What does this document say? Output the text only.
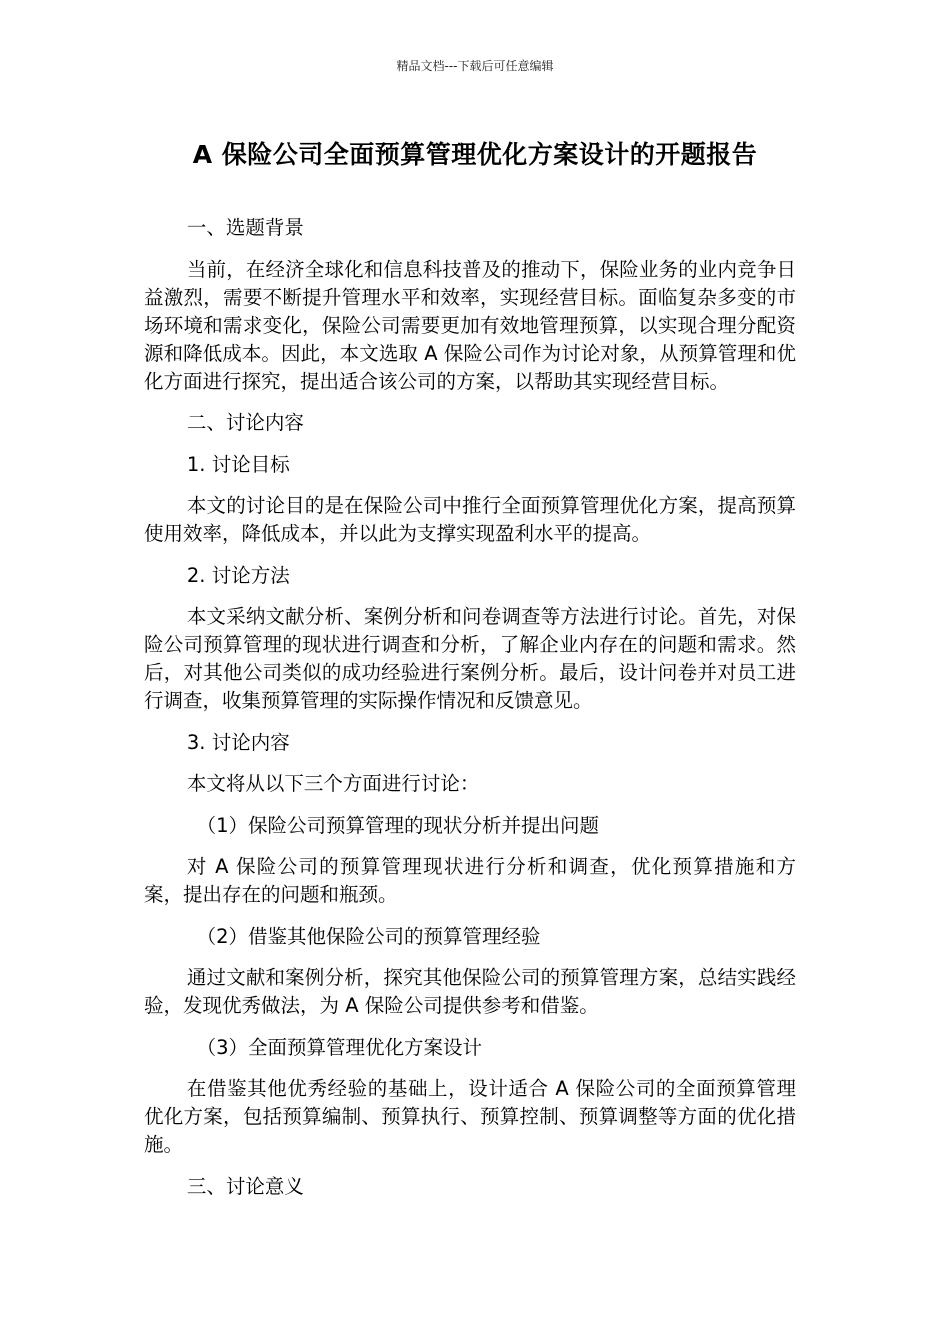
精品文档---下载后可任意编辑
A 保险公司全面预算管理优化方案设计的开题报告

一、选题背景

当前，在经济全球化和信息科技普及的推动下，保险业务的业内竞争日益激烈，需要不断提升管理水平和效率，实现经营目标。面临复杂多变的市场环境和需求变化，保险公司需要更加有效地管理预算，以实现合理分配资源和降低成本。因此，本文选取 A 保险公司作为讨论对象，从预算管理和优化方面进行探究，提出适合该公司的方案，以帮助其实现经营目标。

二、讨论内容

1. 讨论目标

本文的讨论目的是在保险公司中推行全面预算管理优化方案，提高预算使用效率，降低成本，并以此为支撑实现盈利水平的提高。

2. 讨论方法

本文采纳文献分析、案例分析和问卷调查等方法进行讨论。首先，对保险公司预算管理的现状进行调查和分析，了解企业内存在的问题和需求。然后，对其他公司类似的成功经验进行案例分析。最后，设计问卷并对员工进行调查，收集预算管理的实际操作情况和反馈意见。

3. 讨论内容

本文将从以下三个方面进行讨论：

（1）保险公司预算管理的现状分析并提出问题

对 A 保险公司的预算管理现状进行分析和调查，优化预算措施和方案，提出存在的问题和瓶颈。

（2）借鉴其他保险公司的预算管理经验

通过文献和案例分析，探究其他保险公司的预算管理方案，总结实践经验，发现优秀做法，为 A 保险公司提供参考和借鉴。

（3）全面预算管理优化方案设计

在借鉴其他优秀经验的基础上，设计适合 A 保险公司的全面预算管理优化方案，包括预算编制、预算执行、预算控制、预算调整等方面的优化措施。

三、讨论意义
